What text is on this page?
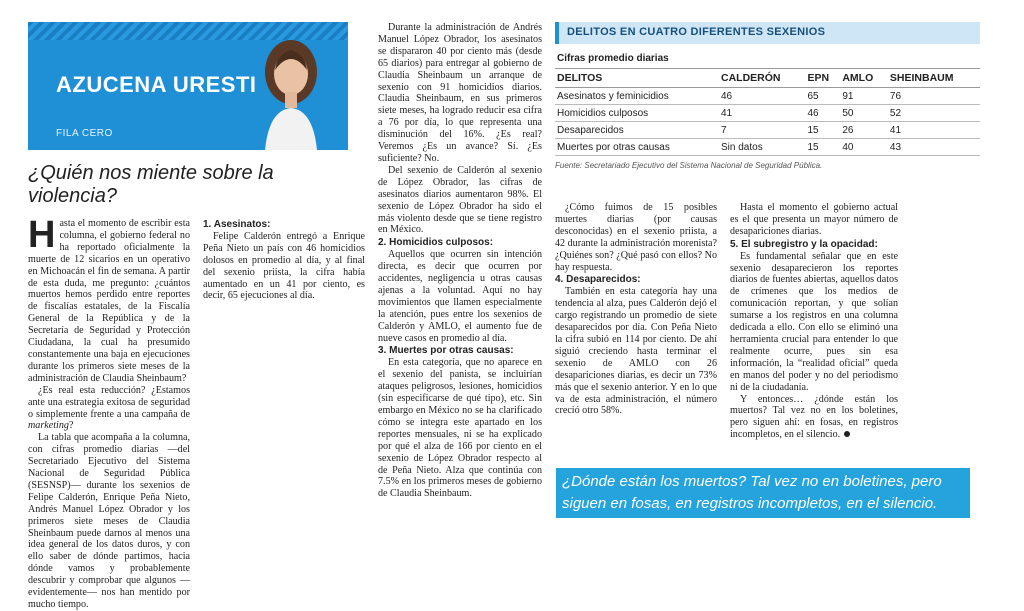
AZUCENA URESTI
FILA CERO
¿Quién nos miente sobre la violencia?

Hasta el momento de escribir esta columna, el gobierno federal no ha reportado oficialmente la muerte de 12 sicarios en un operativo en Michoacán el fin de semana. A partir de esta duda, me pregunto: ¿cuántos muertos hemos perdido entre reportes de fiscalías estatales, de la Fiscalía General de la República y de la Secretaría de Seguridad y Protección Ciudadana, la cual ha presumido constantemente una baja en ejecuciones durante los primeros siete meses de la administración de Claudia Sheinbaum?

¿Es real esta reducción? ¿Estamos ante una estrategia exitosa de seguridad o simplemente frente a una campaña de marketing?

La tabla que acompaña a la columna, con cifras promedio diarias —del Secretariado Ejecutivo del Sistema Nacional de Seguridad Pública (SESNSP)— durante los sexenios de Felipe Calderón, Enrique Peña Nieto, Andrés Manuel López Obrador y los primeros siete meses de Claudia Sheinbaum puede darnos al menos una idea general de los datos duros, y con ello saber de dónde partimos, hacia dónde vamos y probablemente descubrir y comprobar que algunos —evidentemente— nos han mentido por mucho tiempo.

1. Asesinatos:

Felipe Calderón entregó a Enrique Peña Nieto un país con 46 homicidios dolosos en promedio al día, y al final del sexenio priista, la cifra había aumentado en un 41 por ciento, es decir, 65 ejecuciones al día.

Durante la administración de Andrés Manuel López Obrador, los asesinatos se dispararon 40 por ciento más (desde 65 diarios) para entregar al gobierno de Claudia Sheinbaum un arranque de sexenio con 91 homicidios diarios. Claudia Sheinbaum, en sus primeros siete meses, ha logrado reducir esa cifra a 76 por día, lo que representa una disminución del 16%. ¿Es real? Veremos ¿Es un avance? Sí. ¿Es suficiente? No.

Del sexenio de Calderón al sexenio de López Obrador, las cifras de asesinatos diarios aumentaron 98%. El sexenio de López Obrador ha sido el más violento desde que se tiene registro en México.

2. Homicidios culposos:

Aquellos que ocurren sin intención directa, es decir que ocurren por accidentes, negligencia u otras causas ajenas a la voluntad. Aquí no hay movimientos que llamen especialmente la atención, pues entre los sexenios de Calderón y AMLO, el aumento fue de nueve casos en promedio al día.

3. Muertes por otras causas:

En esta categoría, que no aparece en el sexenio del panista, se incluirían ataques peligrosos, lesiones, homicidios (sin especificarse de qué tipo), etc. Sin embargo en México no se ha clarificado cómo se integra este apartado en los reportes mensuales, ni se ha explicado por qué el alza de 166 por ciento en el sexenio de López Obrador respecto al de Peña Nieto. Alza que continúa con 7.5% en los primeros meses de gobierno de Claudia Sheinbaum.

DELITOS EN CUATRO DIFERENTES SEXENIOS
Cifras promedio diarias
DELITOS	CALDERÓN	EPN	AMLO	SHEINBAUM
Asesinatos y feminicidios	46	65	91	76
Homicidios culposos	41	46	50	52
Desaparecidos	7	15	26	41
Muertes por otras causas	Sin datos	15	40	43
Fuente: Secretariado Ejecutivo del Sistema Nacional de Seguridad Pública.

¿Cómo fuimos de 15 posibles muertes diarias (por causas desconocidas) en el sexenio priista, a 42 durante la administración morenista? ¿Quiénes son? ¿Qué pasó con ellos? No hay respuesta.

4. Desaparecidos:

También en esta categoría hay una tendencia al alza, pues Calderón dejó el cargo registrando un promedio de siete desaparecidos por día. Con Peña Nieto la cifra subió en 114 por ciento. De ahí siguió creciendo hasta terminar el sexenio de AMLO con 26 desapariciones diarias, es decir un 73% más que el sexenio anterior. Y en lo que va de esta administración, el número creció otro 58%.

Hasta el momento el gobierno actual es el que presenta un mayor número de desapariciones diarias.

5. El subregistro y la opacidad:

Es fundamental señalar que en este sexenio desaparecieron los reportes diarios de fuentes abiertas, aquellos datos de crímenes que los medios de comunicación reportan, y que solían sumarse a los registros en una columna dedicada a ello. Con ello se eliminó una herramienta crucial para entender lo que realmente ocurre, pues sin esa información, la “realidad oficial” queda en manos del poder y no del periodismo ni de la ciudadanía.

Y entonces… ¿dónde están los muertos? Tal vez no en los boletines, pero siguen ahí: en fosas, en registros incompletos, en el silencio.

¿Dónde están los muertos? Tal vez no en boletines, pero siguen en fosas, en registros incompletos, en el silencio.
